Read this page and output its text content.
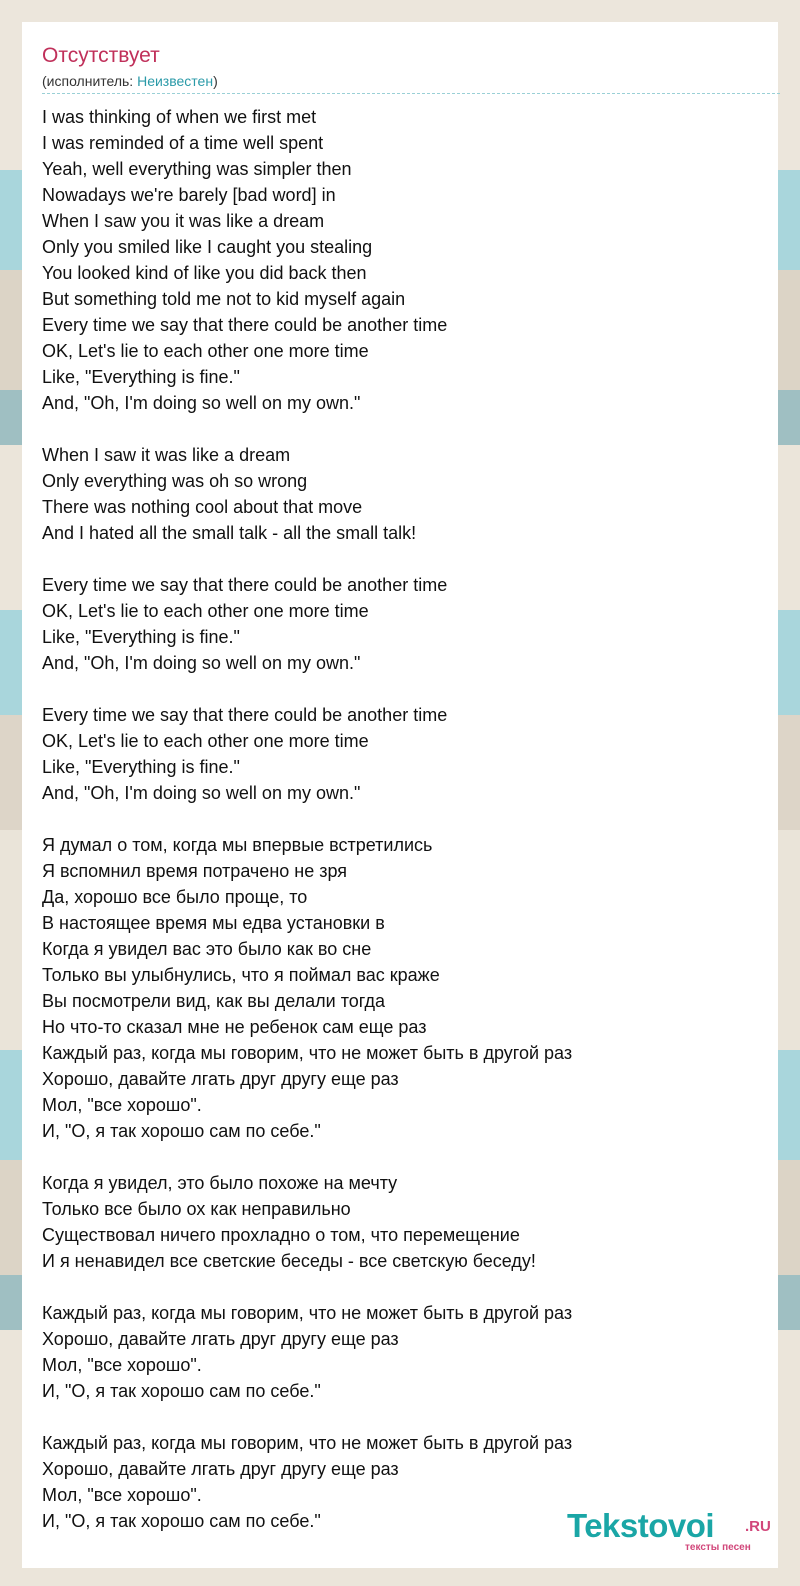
Отсутствует
(исполнитель: Неизвестен)
I was thinking of when we first met
I was reminded of a time well spent
Yeah, well everything was simpler then
Nowadays we're barely [bad word] in
When I saw you it was like a dream
Only you smiled like I caught you stealing
You looked kind of like you did back then
But something told me not to kid myself again
Every time we say that there could be another time
OK, Let's lie to each other one more time
Like, "Everything is fine."
And, "Oh, I'm doing so well on my own."
When I saw it was like a dream
Only everything was oh so wrong
There was nothing cool about that move
And I hated all the small talk - all the small talk!
Every time we say that there could be another time
OK, Let's lie to each other one more time
Like, "Everything is fine."
And, "Oh, I'm doing so well on my own."
Every time we say that there could be another time
OK, Let's lie to each other one more time
Like, "Everything is fine."
And, "Oh, I'm doing so well on my own."
Я думал о том, когда мы впервые встретились
Я вспомнил время потрачено не зря
Да, хорошо все было проще, то
В настоящее время мы едва установки в
Когда я увидел вас это было как во сне
Только вы улыбнулись, что я поймал вас краже
Вы посмотрели вид, как вы делали тогда
Но что-то сказал мне не ребенок сам еще раз
Каждый раз, когда мы говорим, что не может быть в другой раз
Хорошо, давайте лгать друг другу еще раз
Мол, "все хорошо".
И, "О, я так хорошо сам по себе."
Когда я увидел, это было похоже на мечту
Только все было ох как неправильно
Существовал ничего прохладно о том, что перемещение
И я ненавидел все светские беседы - все светскую беседу!
Каждый раз, когда мы говорим, что не может быть в другой раз
Хорошо, давайте лгать друг другу еще раз
Мол, "все хорошо".
И, "О, я так хорошо сам по себе."
Каждый раз, когда мы говорим, что не может быть в другой раз
Хорошо, давайте лгать друг другу еще раз
Мол, "все хорошо".
И, "О, я так хорошо сам по себе."	Tekstovoi .RU
тексты песен
